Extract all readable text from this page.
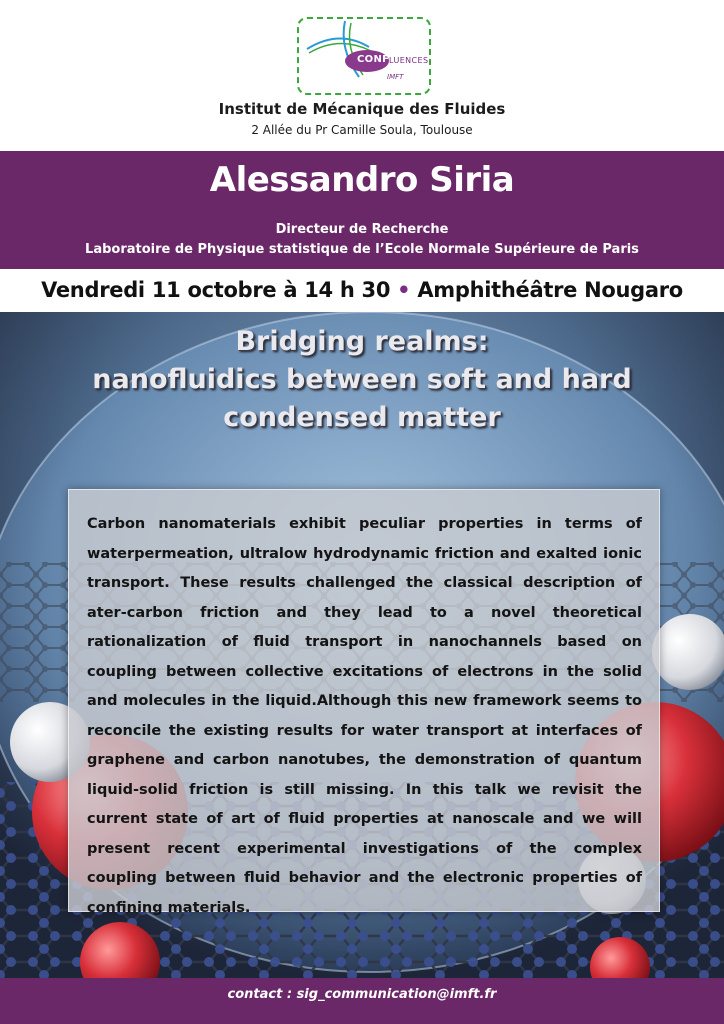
CONF LUENCES
IMFT
Institut de Mécanique des Fluides
2 Allée du Pr Camille Soula, Toulouse
Alessandro Siria
Directeur de Recherche
Laboratoire de Physique statistique de l’Ecole Normale Supérieure de Paris
Vendredi 11 octobre à 14 h 30 • Amphithéâtre Nougaro
Bridging realms:
nanofluidics between soft and hard
condensed matter
Carbon nanomaterials exhibit peculiar properties in terms of waterpermeation, ultralow hydrodynamic friction and exalted ionic transport. These results challenged the classical description of ater-carbon friction and they lead to a novel theoretical rationalization of fluid transport in nanochannels based on coupling between collective excitations of electrons in the solid and molecules in the liquid.Although this new framework seems to reconcile the existing results for water transport at interfaces of graphene and carbon nanotubes, the demonstration of quantum liquid-solid friction is still missing. In this talk we revisit the current state of art of fluid properties at nanoscale and we will present recent experimental investigations of the complex coupling between fluid behavior and the electronic properties of confining materials.
contact : sig_communication@imft.fr
